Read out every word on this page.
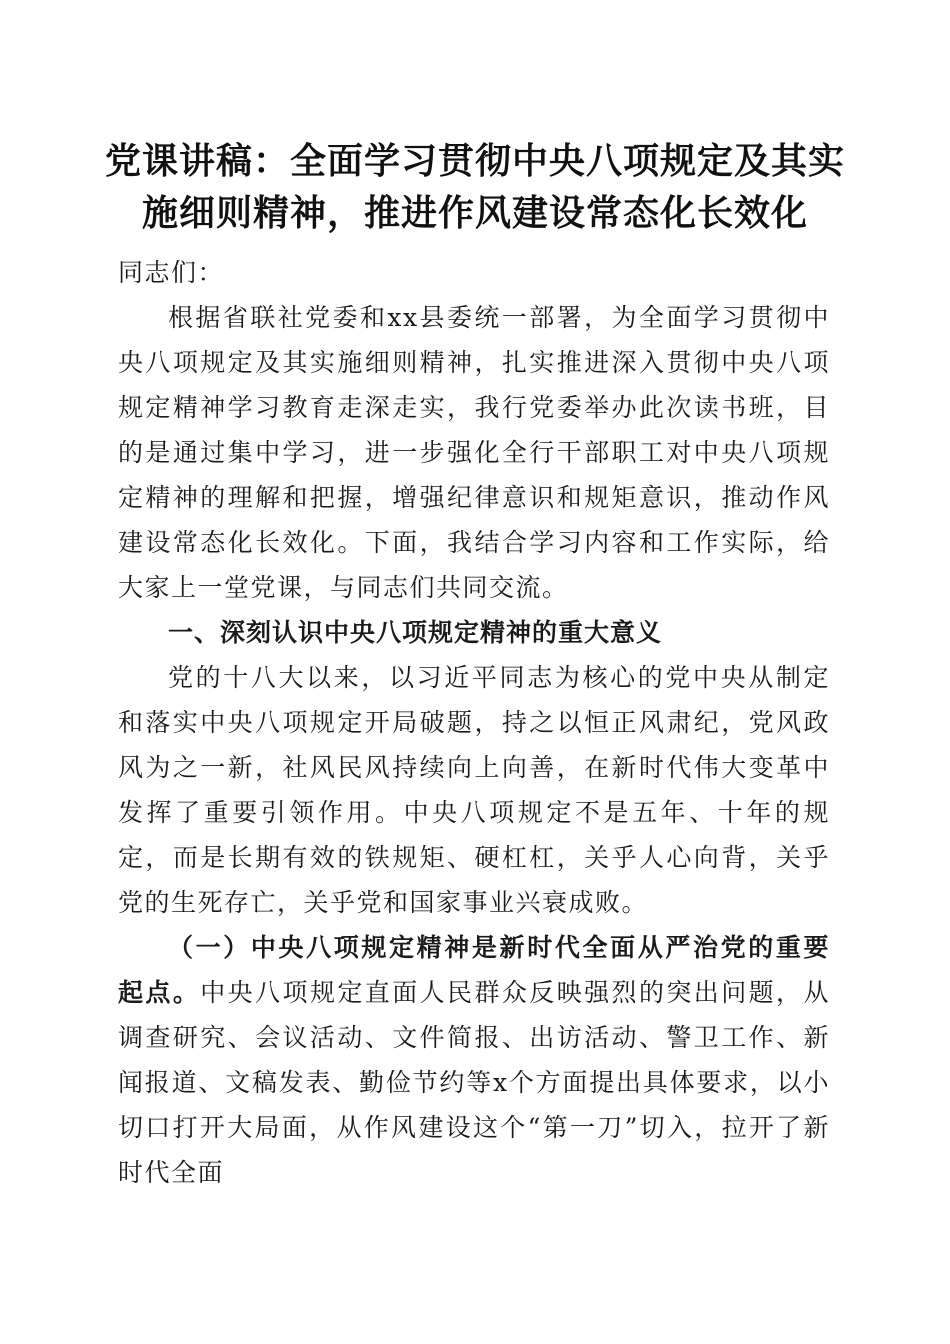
党课讲稿：全面学习贯彻中央八项规定及其实
施细则精神，推进作风建设常态化长效化

同志们：

根据省联社党委和xx县委统一部署，为全面学习贯彻中央八项规定及其实施细则精神，扎实推进深入贯彻中央八项规定精神学习教育走深走实，我行党委举办此次读书班，目的是通过集中学习，进一步强化全行干部职工对中央八项规定精神的理解和把握，增强纪律意识和规矩意识，推动作风建设常态化长效化。下面，我结合学习内容和工作实际，给大家上一堂党课，与同志们共同交流。

一、深刻认识中央八项规定精神的重大意义

党的十八大以来，以习近平同志为核心的党中央从制定和落实中央八项规定开局破题，持之以恒正风肃纪，党风政风为之一新，社风民风持续向上向善，在新时代伟大变革中发挥了重要引领作用。中央八项规定不是五年、十年的规定，而是长期有效的铁规矩、硬杠杠，关乎人心向背，关乎党的生死存亡，关乎党和国家事业兴衰成败。

（一）中央八项规定精神是新时代全面从严治党的重要起点。中央八项规定直面人民群众反映强烈的突出问题，从调查研究、会议活动、文件简报、出访活动、警卫工作、新闻报道、文稿发表、勤俭节约等x个方面提出具体要求，以小切口打开大局面，从作风建设这个“第一刀”切入，拉开了新时代全面
